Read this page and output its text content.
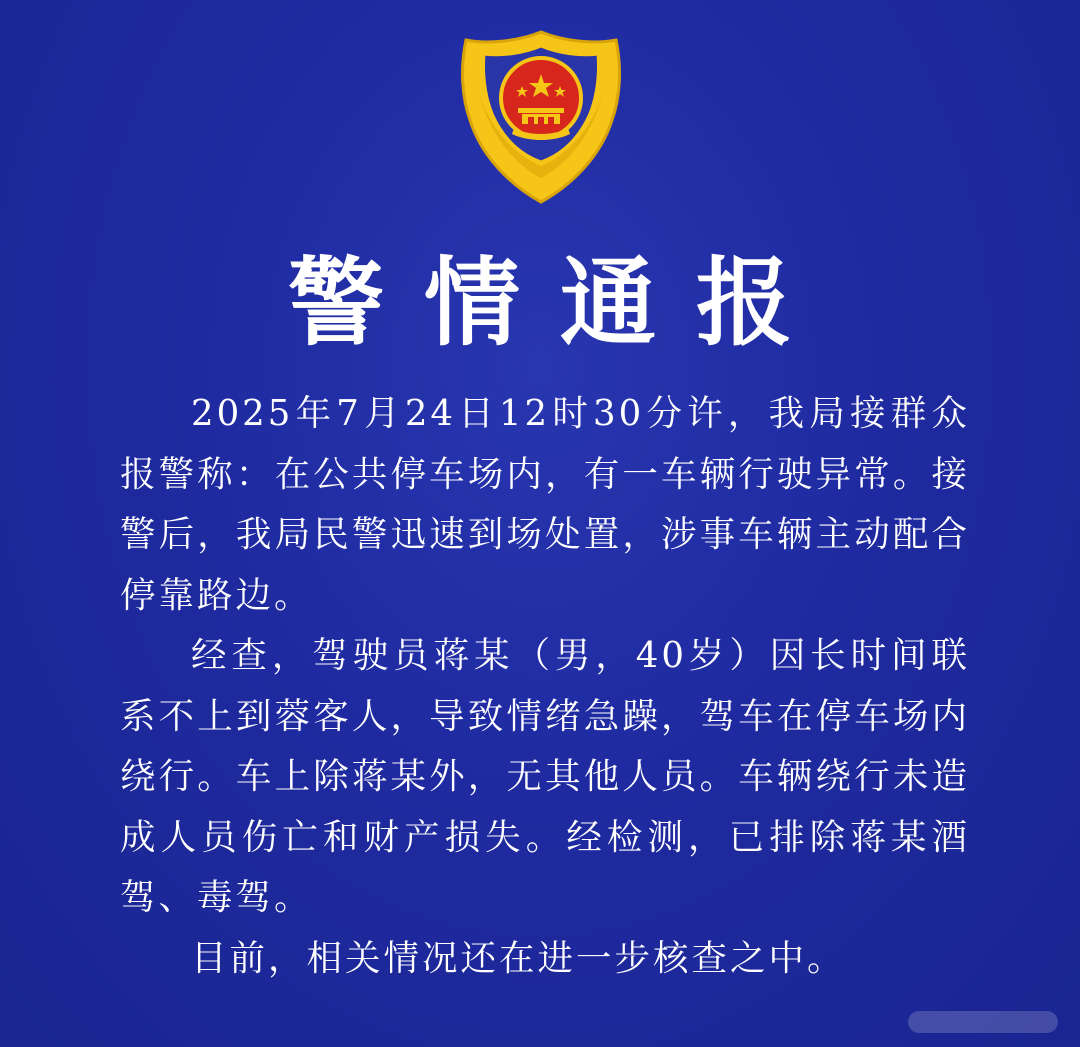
警情通报

2025年7月24日12时30分许，我局接群众报警称：在公共停车场内，有一车辆行驶异常。接警后，我局民警迅速到场处置，涉事车辆主动配合停靠路边。

经查，驾驶员蒋某（男，40岁）因长时间联系不上到蓉客人，导致情绪急躁，驾车在停车场内绕行。车上除蒋某外，无其他人员。车辆绕行未造成人员伤亡和财产损失。经检测，已排除蒋某酒驾、毒驾。

目前，相关情况还在进一步核查之中。
